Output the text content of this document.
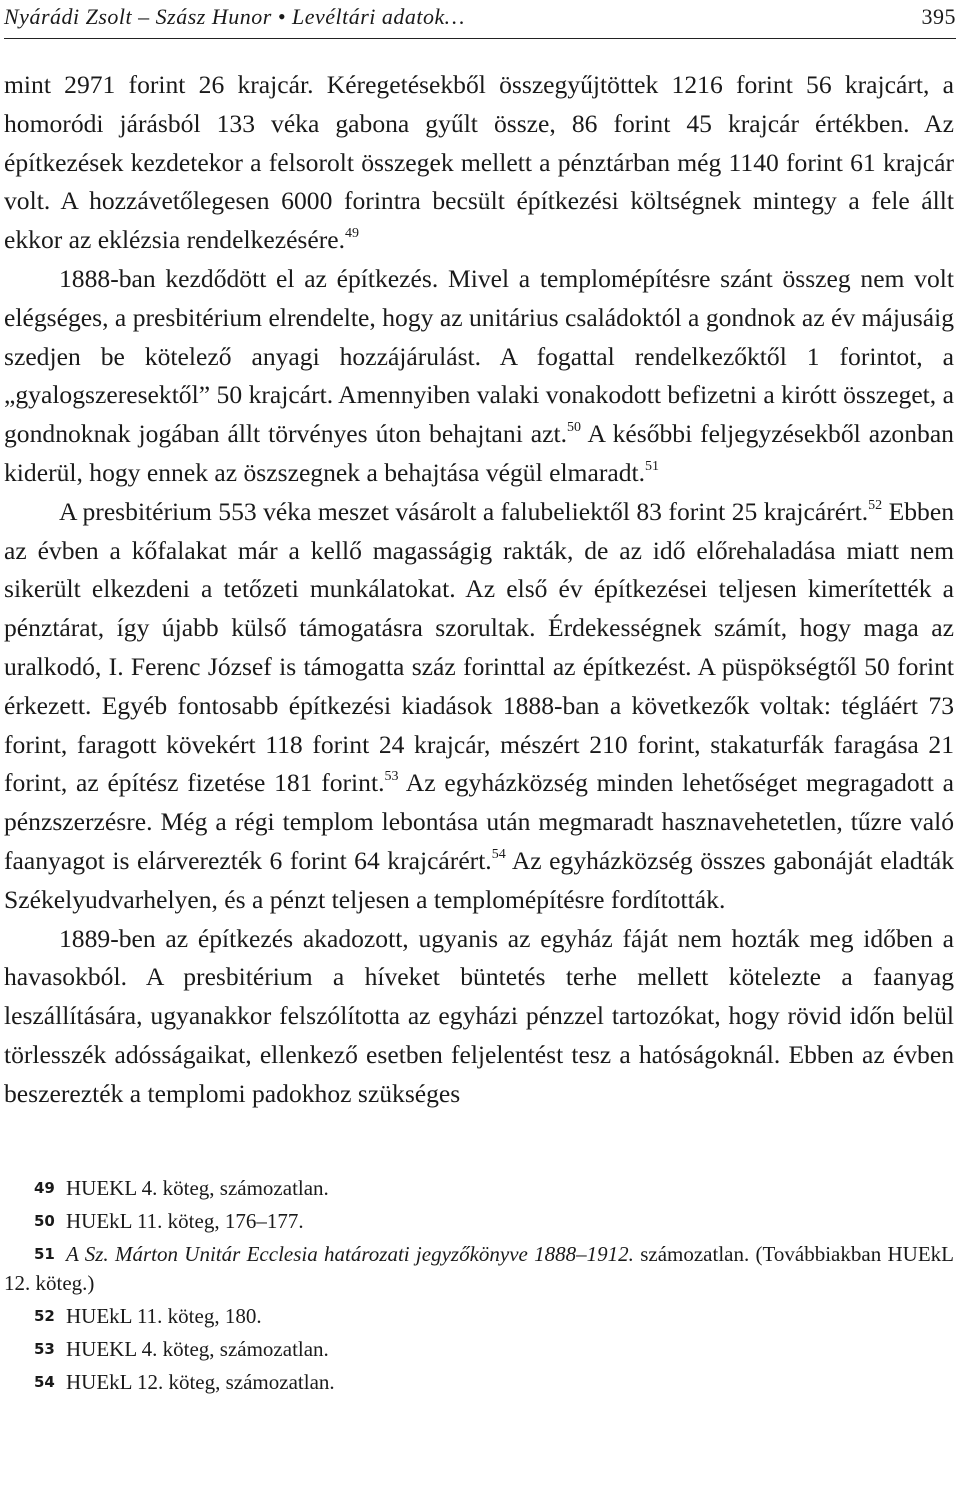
Nyárádi Zsolt – Szász Hunor • Levéltári adatok…	395

mint 2971 forint 26 krajcár. Kéregetésekből összegyűjtöttek 1216 forint 56 krajcárt, a homoródi járásból 133 véka gabona gyűlt össze, 86 forint 45 krajcár értékben. Az építkezések kezdetekor a felsorolt összegek mellett a pénztárban még 1140 forint 61 krajcár volt. A hozzávetőlegesen 6000 forintra becsült építkezési költségnek mintegy a fele állt ekkor az eklézsia rendelkezésére.$^{49}$

1888-ban kezdődött el az építkezés. Mivel a templomépítésre szánt összeg nem volt elégséges, a presbitérium elrendelte, hogy az unitárius családoktól a gondnok az év májusáig szedjen be kötelező anyagi hozzájárulást. A fogattal rendelkezőktől 1 forintot, a „gyalogszeresektől” 50 krajcárt. Amennyiben valaki vonakodott befizetni a kirótt összeget, a gondnoknak jogában állt törvényes úton behajtani azt.$^{50}$ A későbbi feljegyzésekből azonban kiderül, hogy ennek az öszszegnek a behajtása végül elmaradt.$^{51}$

A presbitérium 553 véka meszet vásárolt a falubeliektől 83 forint 25 krajcárért.$^{52}$ Ebben az évben a kőfalakat már a kellő magasságig rakták, de az idő előrehaladása miatt nem sikerült elkezdeni a tetőzeti munkálatokat. Az első év építkezései teljesen kimerítették a pénztárat, így újabb külső támogatásra szorultak. Érdekességnek számít, hogy maga az uralkodó, I. Ferenc József is támogatta száz forinttal az építkezést. A püspökségtől 50 forint érkezett. Egyéb fontosabb építkezési kiadások 1888-ban a következők voltak: tégláért 73 forint, faragott kövekért 118 forint 24 krajcár, mészért 210 forint, stakaturfák faragása 21 forint, az építész fizetése 181 forint.$^{53}$ Az egyházközség minden lehetőséget megragadott a pénzszerzésre. Még a régi templom lebontása után megmaradt hasznavehetetlen, tűzre való faanyagot is elárverezték 6 forint 64 krajcárért.$^{54}$ Az egyházközség összes gabonáját eladták Székelyudvarhelyen, és a pénzt teljesen a templomépítésre fordították.

1889-ben az építkezés akadozott, ugyanis az egyház fáját nem hozták meg időben a havasokból. A presbitérium a híveket büntetés terhe mellett kötelezte a faanyag leszállítására, ugyanakkor felszólította az egyházi pénzzel tartozókat, hogy rövid időn belül törlesszék adósságaikat, ellenkező esetben feljelentést tesz a hatóságoknál. Ebben az évben beszerezték a templomi padokhoz szükséges

49 HUEKL 4. köteg, számozatlan.
50 HUEkL 11. köteg, 176–177.
51 A Sz. Márton Unitár Ecclesia határozati jegyzőkönyve 1888–1912. számozatlan. (Továbbiakban HUEkL 12. köteg.)
52 HUEkL 11. köteg, 180.
53 HUEKL 4. köteg, számozatlan.
54 HUEkL 12. köteg, számozatlan.
